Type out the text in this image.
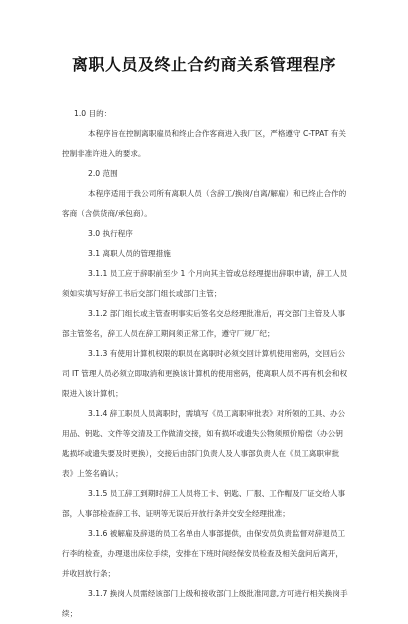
离职人员及终止合约商关系管理程序

1.0 目的：

本程序旨在控制离职雇员和终止合作客商进入我厂区，严格遵守 C-TPAT 有关控制非准许进入的要求。

2.0 范围

本程序适用于我公司所有离职人员（含辞工/换岗/自离/解雇）和已终止合作的客商（含供货商/承包商）。

3.0 执行程序

3.1 离职人员的管理措施

3.1.1 员工应于辞职前至少 1 个月向其主管或总经理提出辞职申请，辞工人员须如实填写好辞工书后交部门组长或部门主管；

3.1.2 部门组长或主管查明事实后签名交总经理批准后，再交部门主管及人事部主管签名，辞工人员在辞工期间须正常工作，遵守厂规厂纪；

3.1.3 有使用计算机权限的职员在离职时必须交回计算机使用密码，交回后公司 IT 管理人员必须立即取消和更换该计算机的使用密码，使离职人员不再有机会和权限进入该计算机；

3.1.4 辞工职员人员离职时，需填写《员工离职审批表》对所领的工具、办公用品、钥匙、文件等交清及工作做清交接，如有损坏或遗失公物须照价赔偿（办公钥匙损坏或遗失要及时更换），交接后由部门负责人及人事部负责人在《员工离职审批表》上签名确认；

3.1.5 员工辞工到期时辞工人员将工卡、钥匙、厂服、工作帽及厂证交给人事部，人事部检查辞工书、证明等无误后开放行条并交安全经理批准；

3.1.6 被解雇及辞退的员工名单由人事部提供，由保安员负责监督对辞退员工行李的检查，办理退出床位手续，安排在下班时间经保安员检查及相关盘问后离开，并收回放行条；

3.1.7 换岗人员需经该部门上级和接收部门上级批准同意,方可进行相关换岗手续；
